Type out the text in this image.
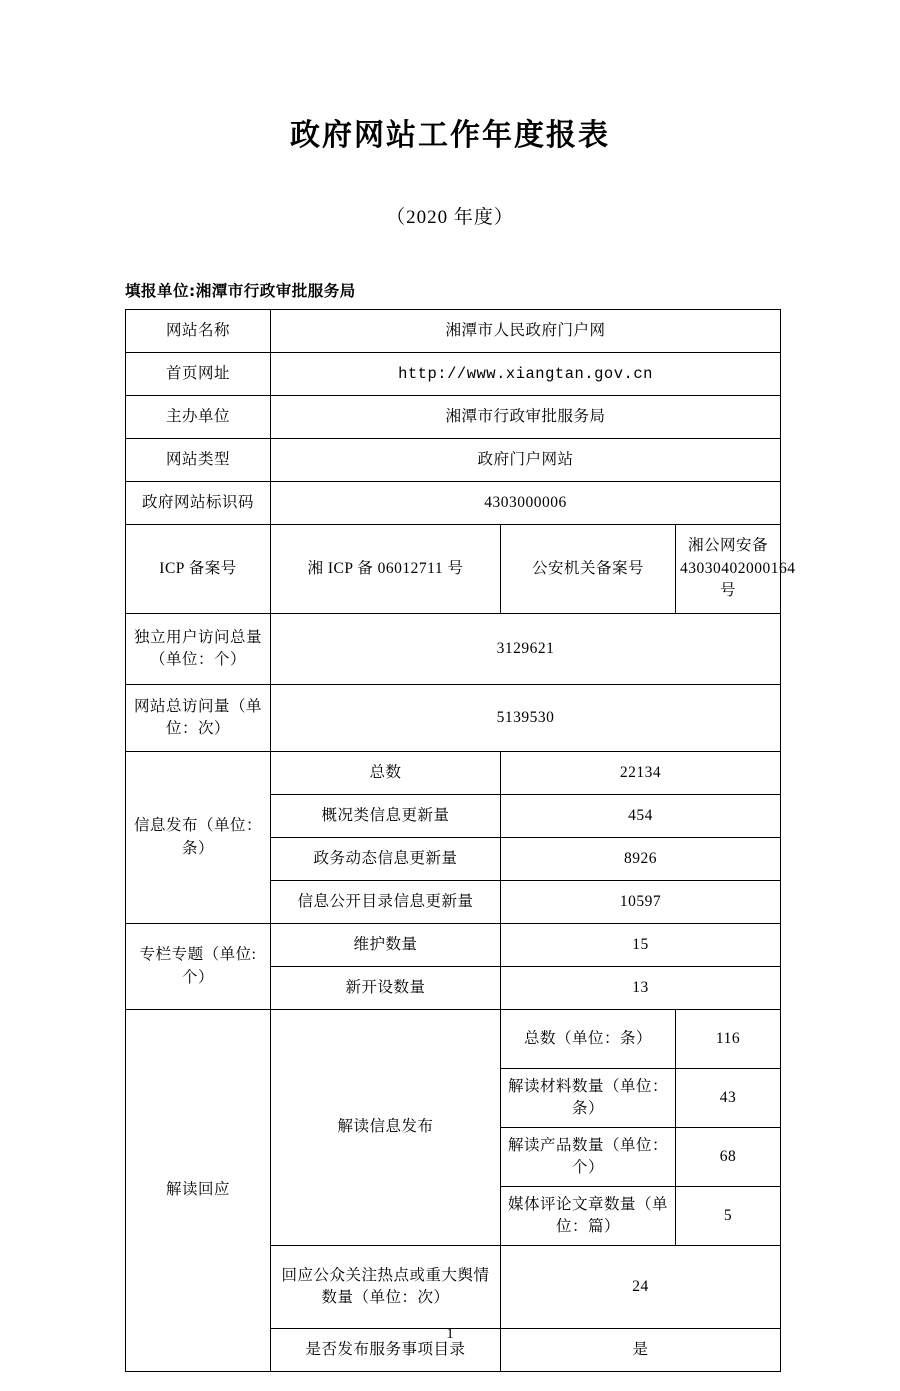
政府网站工作年度报表
（2020 年度）
填报单位:湘潭市行政审批服务局
网站名称	湘潭市人民政府门户网		
首页网址	http://www.xiangtan.gov.cn		
主办单位	湘潭市行政审批服务局		
网站类型	政府门户网站		
政府网站标识码	4303000006		
ICP 备案号	湘 ICP 备 06012711 号	公安机关备案号	湘公网安备 43030402000164 号
独立用户访问总量（单位：个）	3129621		
网站总访问量（单位：次）	5139530		
信息发布（单位：条）	总数	22134	
	概况类信息更新量	454	
	政务动态信息更新量	8926	
	信息公开目录信息更新量	10597	
专栏专题（单位:个）	维护数量	15	
	新开设数量	13	
解读回应	解读信息发布	总数（单位：条）	116
		解读材料数量（单位：条）	43
		解读产品数量（单位：个）	68
		媒体评论文章数量（单位：篇）	5
	回应公众关注热点或重大舆情数量（单位：次）	24	
	是否发布服务事项目录	是	
1
